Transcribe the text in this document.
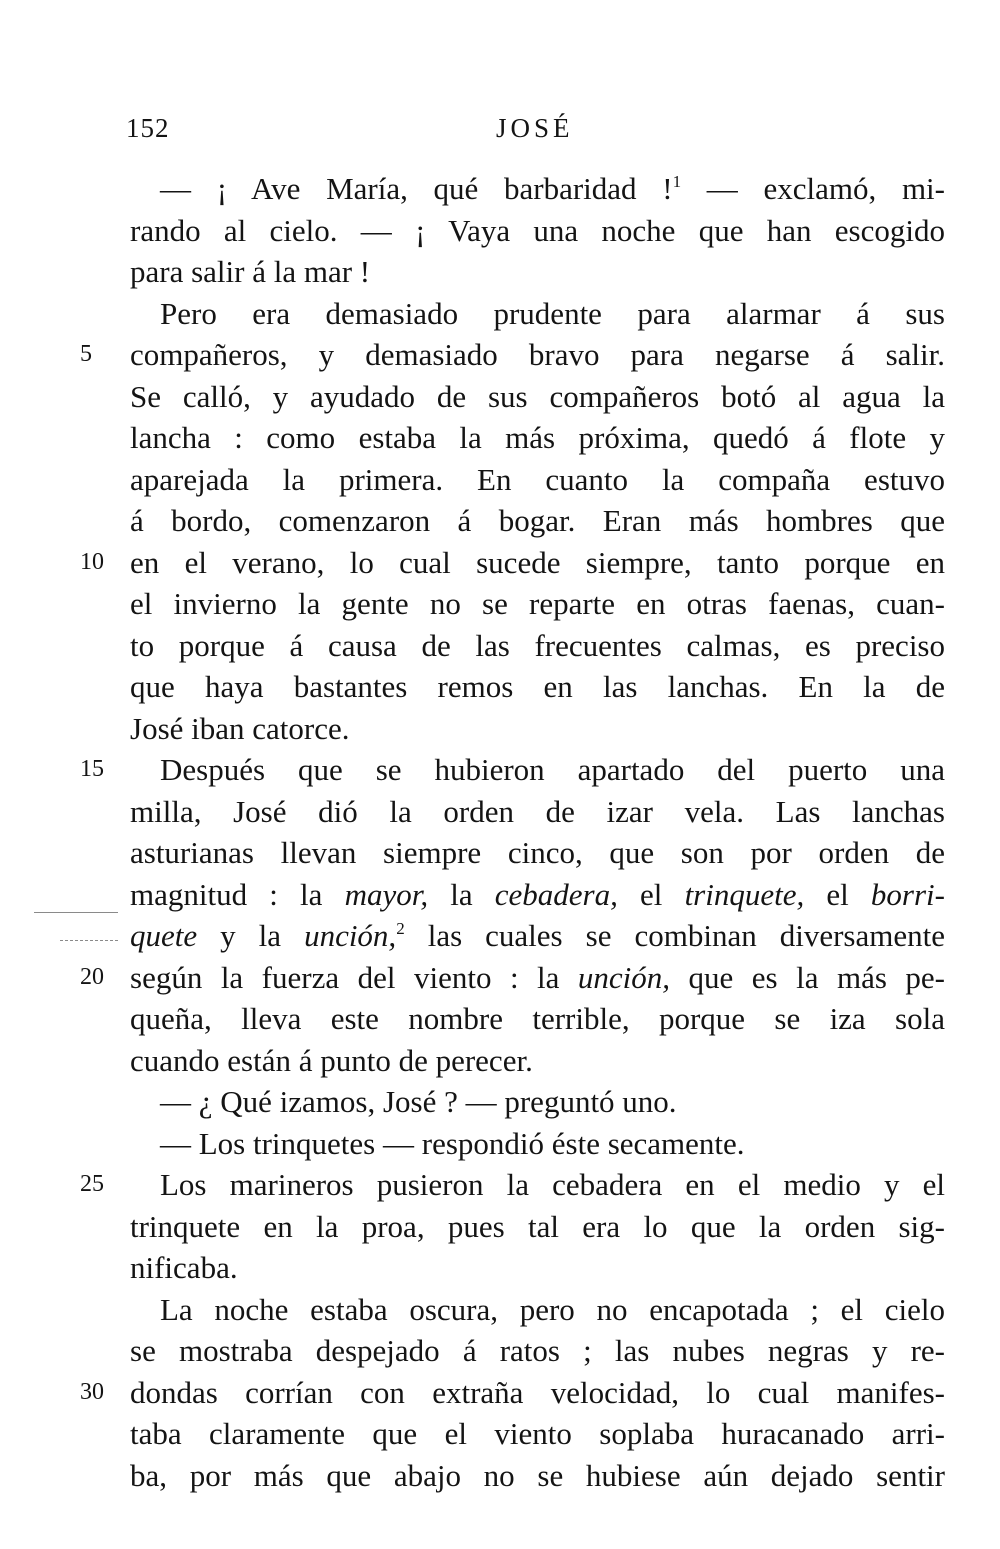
152	JOSÉ
— ¡ Ave María, qué barbaridad !$^1$ — exclamó, mi-
rando al cielo. — ¡ Vaya una noche que han escogido
para salir á la mar !
Pero era demasiado prudente para alarmar á sus
5	compañeros, y demasiado bravo para negarse á salir.
Se calló, y ayudado de sus compañeros botó al agua la
lancha : como estaba la más próxima, quedó á flote y
aparejada la primera. En cuanto la compaña estuvo
á bordo, comenzaron á bogar. Eran más hombres que
10 en el verano, lo cual sucede siempre, tanto porque en
el invierno la gente no se reparte en otras faenas, cuan-
to porque á causa de las frecuentes calmas, es preciso
que haya bastantes remos en las lanchas. En la de
José iban catorce.
15	Después que se hubieron apartado del puerto una
milla, José dió la orden de izar vela. Las lanchas
asturianas llevan siempre cinco, que son por orden de
magnitud : la mayor, la cebadera, el trinquete, el borri-
quete y la unción,$^2$ las cuales se combinan diversamente
20 según la fuerza del viento : la unción, que es la más pe-
queña, lleva este nombre terrible, porque se iza sola
cuando están á punto de perecer.
— ¿ Qué izamos, José ? — preguntó uno.
— Los trinquetes — respondió éste secamente.
25	Los marineros pusieron la cebadera en el medio y el
trinquete en la proa, pues tal era lo que la orden sig-
nificaba.
La noche estaba oscura, pero no encapotada ; el cielo
se mostraba despejado á ratos ; las nubes negras y re-
30 dondas corrían con extraña velocidad, lo cual manifes-
taba claramente que el viento soplaba huracanado arri-
ba, por más que abajo no se hubiese aún dejado sentir
